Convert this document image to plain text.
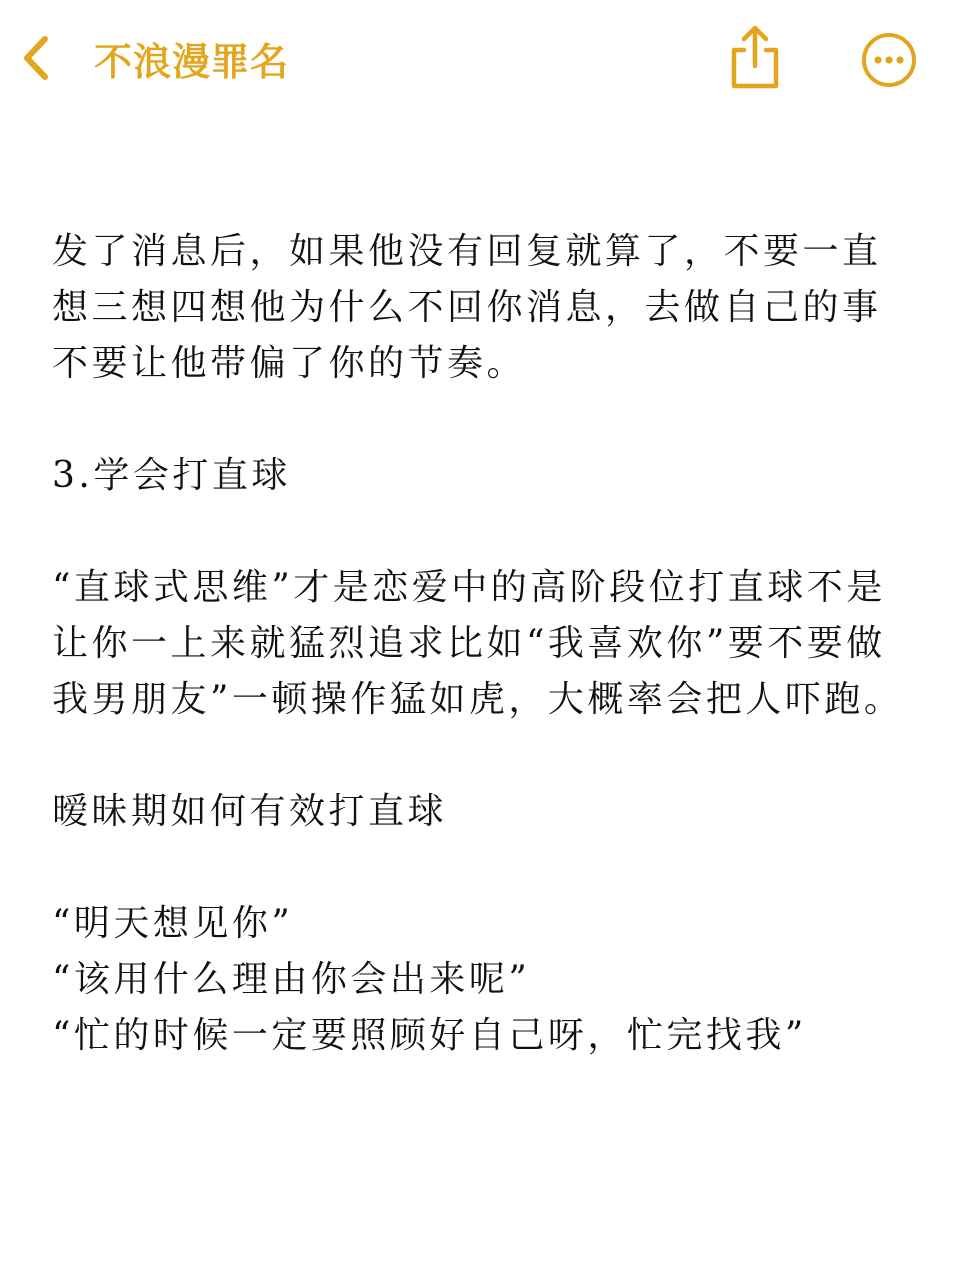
不浪漫罪名

发了消息后，如果他没有回复就算了，不要一直

想三想四想他为什么不回你消息，去做自己的事

不要让他带偏了你的节奏。

3.学会打直球

“直球式思维”才是恋爱中的高阶段位打直球不是

让你一上来就猛烈追求比如“我喜欢你”要不要做

我男朋友”一顿操作猛如虎，大概率会把人吓跑。

暧昧期如何有效打直球

“明天想见你”

“该用什么理由你会出来呢”

“忙的时候一定要照顾好自己呀，忙完找我”
